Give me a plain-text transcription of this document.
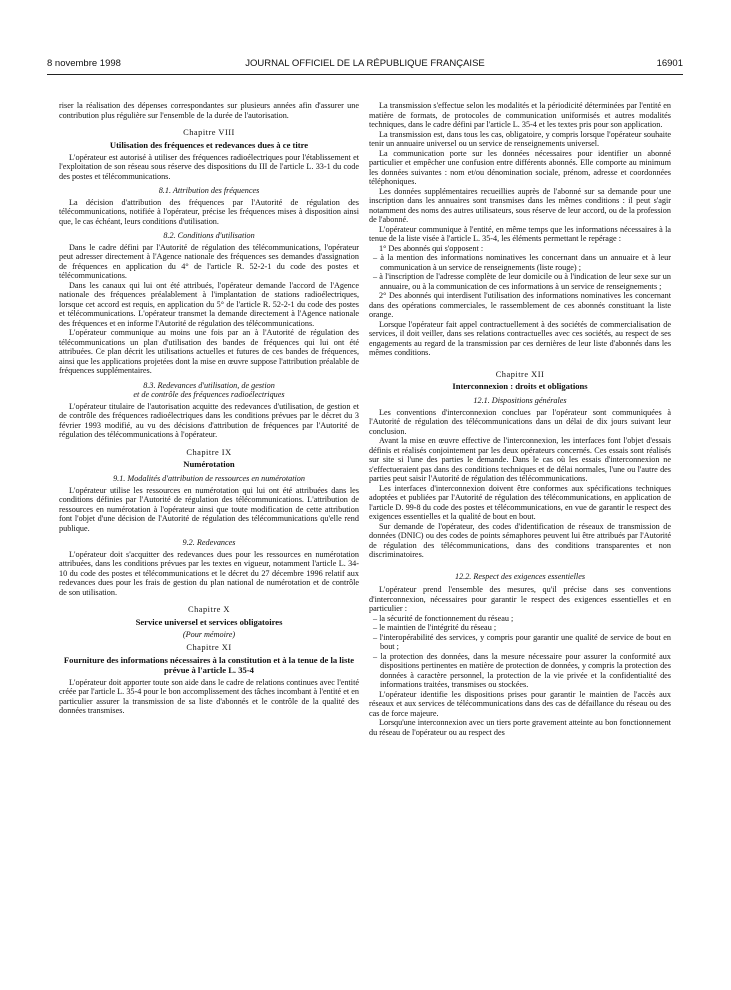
8 novembre 1998	JOURNAL OFFICIEL DE LA RÉPUBLIQUE FRANÇAISE	16901

riser la réalisation des dépenses correspondantes sur plusieurs années afin d'assurer une contribution plus régulière sur l'ensemble de la durée de l'autorisation.

Chapitre VIII
Utilisation des fréquences et redevances dues à ce titre

L'opérateur est autorisé à utiliser des fréquences radioélectriques pour l'établissement et l'exploitation de son réseau sous réserve des dispositions du III de l'article L. 33-1 du code des postes et télécommunications.

8.1. Attribution des fréquences

La décision d'attribution des fréquences par l'Autorité de régulation des télécommunications, notifiée à l'opérateur, précise les fréquences mises à disposition ainsi que, le cas échéant, leurs conditions d'utilisation.

8.2. Conditions d'utilisation

Dans le cadre défini par l'Autorité de régulation des télécommunications, l'opérateur peut adresser directement à l'Agence nationale des fréquences ses demandes d'assignation de fréquences en application du 4° de l'article R. 52-2-1 du code des postes et télécommunications.

Dans les canaux qui lui ont été attribués, l'opérateur demande l'accord de l'Agence nationale des fréquences préalablement à l'implantation de stations radioélectriques, lorsque cet accord est requis, en application du 5° de l'article R. 52-2-1 du code des postes et télécommunications. L'opérateur transmet la demande directement à l'Agence nationale des fréquences et en informe l'Autorité de régulation des télécommunications.

L'opérateur communique au moins une fois par an à l'Autorité de régulation des télécommunications un plan d'utilisation des bandes de fréquences qui lui ont été attribuées. Ce plan décrit les utilisations actuelles et futures de ces bandes de fréquences, ainsi que les applications projetées dont la mise en œuvre suppose l'attribution préalable de fréquences supplémentaires.

8.3. Redevances d'utilisation, de gestion
et de contrôle des fréquences radioélectriques

L'opérateur titulaire de l'autorisation acquitte des redevances d'utilisation, de gestion et de contrôle des fréquences radioélectriques dans les conditions prévues par le décret du 3 février 1993 modifié, au vu des décisions d'attribution de fréquences par l'Autorité de régulation des télécommunications à l'opérateur.

Chapitre IX
Numérotation
9.1. Modalités d'attribution de ressources en numérotation

L'opérateur utilise les ressources en numérotation qui lui ont été attribuées dans les conditions définies par l'Autorité de régulation des télécommunications. L'attribution de ressources en numérotation à l'opérateur ainsi que toute modification de cette attribution font l'objet d'une décision de l'Autorité de régulation des télécommunications qu'elle rend publique.

9.2. Redevances

L'opérateur doit s'acquitter des redevances dues pour les ressources en numérotation attribuées, dans les conditions prévues par les textes en vigueur, notamment l'article L. 34-10 du code des postes et télécommunications et le décret du 27 décembre 1996 relatif aux redevances dues pour les frais de gestion du plan national de numérotation et de contrôle de son utilisation.

Chapitre X
Service universel et services obligatoires
(Pour mémoire)
Chapitre XI
Fourniture des informations nécessaires à la constitution et à la tenue de la liste prévue à l'article L. 35-4

L'opérateur doit apporter toute son aide dans le cadre de relations continues avec l'entité créée par l'article L. 35-4 pour le bon accomplissement des tâches incombant à l'entité et en particulier assurer la transmission de sa liste d'abonnés et le contrôle de la qualité des données transmises.

La transmission s'effectue selon les modalités et la périodicité déterminées par l'entité en matière de formats, de protocoles de communication uniformisés et autres modalités techniques, dans le cadre défini par l'article L. 35-4 et les textes pris pour son application.

La transmission est, dans tous les cas, obligatoire, y compris lorsque l'opérateur souhaite tenir un annuaire universel ou un service de renseignements universel.

La communication porte sur les données nécessaires pour identifier un abonné particulier et empêcher une confusion entre différents abonnés. Elle comporte au minimum les données suivantes : nom et/ou dénomination sociale, prénom, adresse et coordonnées téléphoniques.

Les données supplémentaires recueillies auprès de l'abonné sur sa demande pour une inscription dans les annuaires sont transmises dans les mêmes conditions : il peut s'agir notamment des noms des autres utilisateurs, sous réserve de leur accord, ou de la profession de l'abonné.

L'opérateur communique à l'entité, en même temps que les informations nécessaires à la tenue de la liste visée à l'article L. 35-4, les éléments permettant le repérage :

1° Des abonnés qui s'opposent :

– à la mention des informations nominatives les concernant dans un annuaire et à leur communication à un service de renseignements (liste rouge) ;

– à l'inscription de l'adresse complète de leur domicile ou à l'indication de leur sexe sur un annuaire, ou à la communication de ces informations à un service de renseignements ;

2° Des abonnés qui interdisent l'utilisation des informations nominatives les concernant dans des opérations commerciales, le rassemblement de ces abonnés constituant la liste orange.

Lorsque l'opérateur fait appel contractuellement à des sociétés de commercialisation de services, il doit veiller, dans ses relations contractuelles avec ces sociétés, au respect de ses engagements au regard de la transmission par ces dernières de leur liste d'abonnés dans les mêmes conditions.

Chapitre XII
Interconnexion : droits et obligations
12.1. Dispositions générales

Les conventions d'interconnexion conclues par l'opérateur sont communiquées à l'Autorité de régulation des télécommunications dans un délai de dix jours suivant leur conclusion.

Avant la mise en œuvre effective de l'interconnexion, les interfaces font l'objet d'essais définis et réalisés conjointement par les deux opérateurs concernés. Ces essais sont réalisés sur site si l'une des parties le demande. Dans le cas où les essais d'interconnexion ne s'effectueraient pas dans des conditions techniques et de délai normales, l'une ou l'autre des parties peut saisir l'Autorité de régulation des télécommunications.

Les interfaces d'interconnexion doivent être conformes aux spécifications techniques adoptées et publiées par l'Autorité de régulation des télécommunications, en application de l'article D. 99-8 du code des postes et télécommunications, en vue de garantir le respect des exigences essentielles et la qualité de bout en bout.

Sur demande de l'opérateur, des codes d'identification de réseaux de transmission de données (DNIC) ou des codes de points sémaphores peuvent lui être attribués par l'Autorité de régulation des télécommunications, dans des conditions transparentes et non discriminatoires.

12.2. Respect des exigences essentielles

L'opérateur prend l'ensemble des mesures, qu'il précise dans ses conventions d'interconnexion, nécessaires pour garantir le respect des exigences essentielles et en particulier :

– la sécurité de fonctionnement du réseau ;

– le maintien de l'intégrité du réseau ;

– l'interopérabilité des services, y compris pour garantir une qualité de service de bout en bout ;

– la protection des données, dans la mesure nécessaire pour assurer la conformité aux dispositions pertinentes en matière de protection de données, y compris la protection des données à caractère personnel, la protection de la vie privée et la confidentialité des informations traitées, transmises ou stockées.

L'opérateur identifie les dispositions prises pour garantir le maintien de l'accès aux réseaux et aux services de télécommunications dans des cas de défaillance du réseau ou des cas de force majeure.

Lorsqu'une interconnexion avec un tiers porte gravement atteinte au bon fonctionnement du réseau de l'opérateur ou au respect des
